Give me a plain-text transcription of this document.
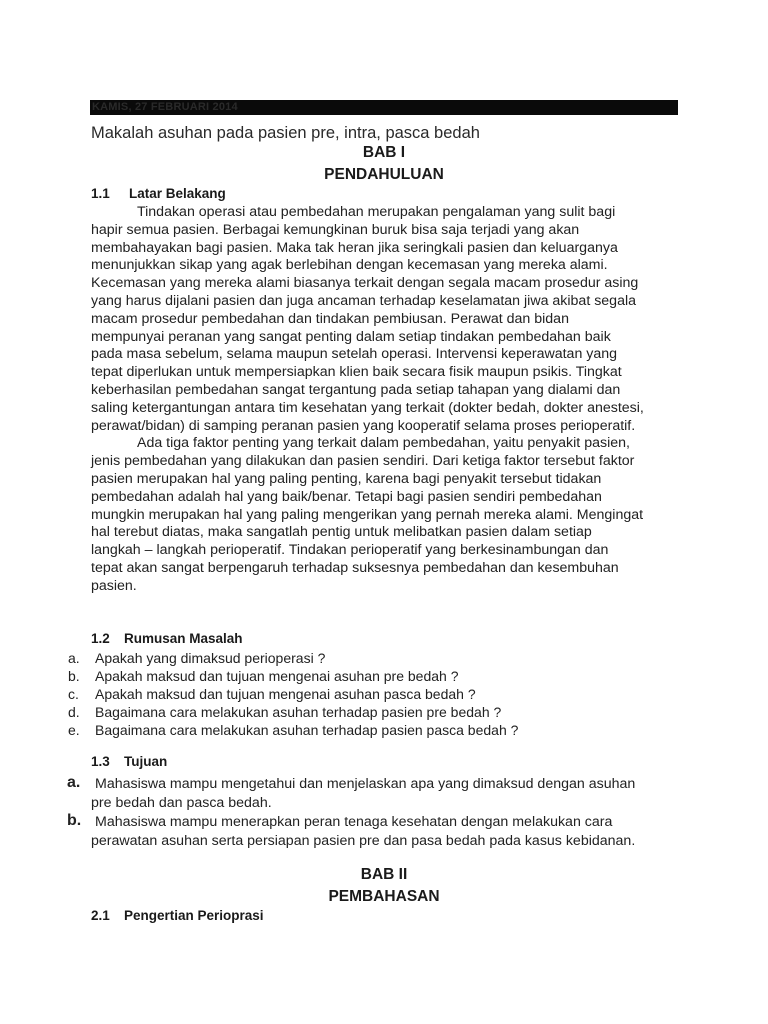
KAMIS, 27 FEBRUARI 2014
Makalah asuhan pada pasien pre, intra, pasca bedah
BAB I
PENDAHULUAN
1.1 Latar Belakang
Tindakan operasi atau pembedahan merupakan pengalaman yang sulit bagi
hapir semua pasien. Berbagai kemungkinan buruk bisa saja terjadi yang akan
membahayakan bagi pasien. Maka tak heran jika seringkali pasien dan keluarganya
menunjukkan sikap yang agak berlebihan dengan kecemasan yang mereka alami.
Kecemasan yang mereka alami biasanya terkait dengan segala macam prosedur asing
yang harus dijalani pasien dan juga ancaman terhadap keselamatan jiwa akibat segala
macam prosedur pembedahan dan tindakan pembiusan. Perawat dan bidan
mempunyai peranan yang sangat penting dalam setiap tindakan pembedahan baik
pada masa sebelum, selama maupun setelah operasi. Intervensi keperawatan yang
tepat diperlukan untuk mempersiapkan klien baik secara fisik maupun psikis. Tingkat
keberhasilan pembedahan sangat tergantung pada setiap tahapan yang dialami dan
saling ketergantungan antara tim kesehatan yang terkait (dokter bedah, dokter anestesi,
perawat/bidan) di samping peranan pasien yang kooperatif selama proses perioperatif.
Ada tiga faktor penting yang terkait dalam pembedahan, yaitu penyakit pasien,
jenis pembedahan yang dilakukan dan pasien sendiri. Dari ketiga faktor tersebut faktor
pasien merupakan hal yang paling penting, karena bagi penyakit tersebut tidakan
pembedahan adalah hal yang baik/benar. Tetapi bagi pasien sendiri pembedahan
mungkin merupakan hal yang paling mengerikan yang pernah mereka alami. Mengingat
hal terebut diatas, maka sangatlah pentig untuk melibatkan pasien dalam setiap
langkah – langkah perioperatif. Tindakan perioperatif yang berkesinambungan dan
tepat akan sangat berpengaruh terhadap suksesnya pembedahan dan kesembuhan
pasien.
1.2 Rumusan Masalah
a. Apakah yang dimaksud perioperasi ?
b. Apakah maksud dan tujuan mengenai asuhan pre bedah ?
c. Apakah maksud dan tujuan mengenai asuhan pasca bedah ?
d. Bagaimana cara melakukan asuhan terhadap pasien pre bedah ?
e. Bagaimana cara melakukan asuhan terhadap pasien pasca bedah ?
1.3 Tujuan
a.	Mahasiswa mampu mengetahui dan menjelaskan apa yang dimaksud dengan asuhan
pre bedah dan pasca bedah.
b. Mahasiswa mampu menerapkan peran tenaga kesehatan dengan melakukan cara
perawatan asuhan serta persiapan pasien pre dan pasa bedah pada kasus kebidanan.
BAB II
PEMBAHASAN
2.1 Pengertian Perioprasі
